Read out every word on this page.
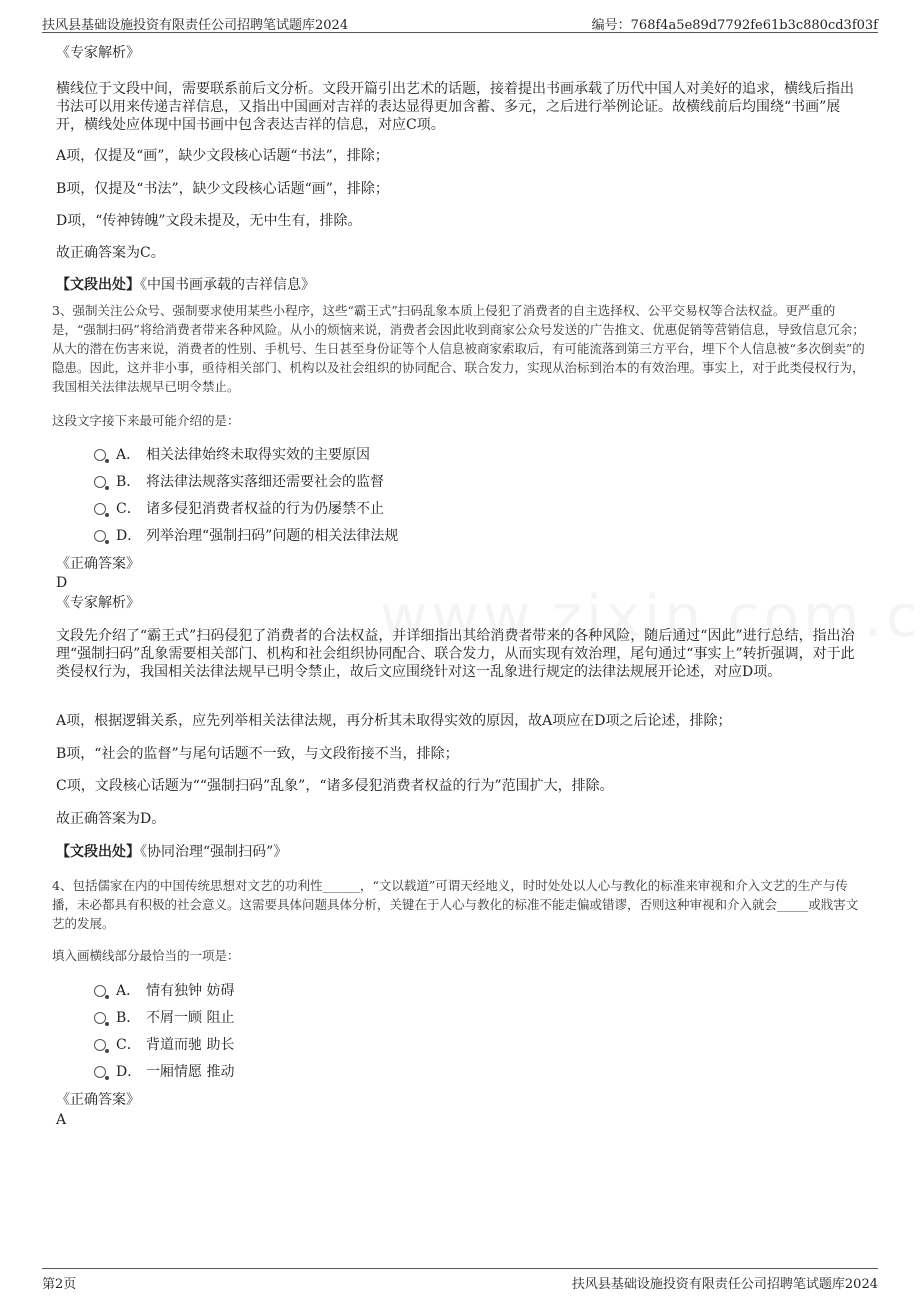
扶风县基础设施投资有限责任公司招聘笔试题库2024	编号：768f4a5e89d7792fe61b3c880cd3f03f
《专家解析》
横线位于文段中间，需要联系前后文分析。文段开篇引出艺术的话题，接着提出书画承载了历代中国人对美好的追求，横线后指出书法可以用来传递吉祥信息，又指出中国画对吉祥的表达显得更加含蓄、多元，之后进行举例论证。故横线前后均围绕“书画”展开，横线处应体现中国书画中包含表达吉祥的信息，对应C项。
A项，仅提及“画”，缺少文段核心话题“书法”，排除；
B项，仅提及“书法”，缺少文段核心话题“画”，排除；
D项，“传神铸魄”文段未提及，无中生有，排除。
故正确答案为C。
【文段出处】《中国书画承载的吉祥信息》
3、强制关注公众号、强制要求使用某些小程序，这些“霸王式”扫码乱象本质上侵犯了消费者的自主选择权、公平交易权等合法权益。更严重的是，“强制扫码”将给消费者带来各种风险。从小的烦恼来说，消费者会因此收到商家公众号发送的广告推文、优惠促销等营销信息，导致信息冗余；从大的潜在伤害来说，消费者的性别、手机号、生日甚至身份证等个人信息被商家索取后，有可能流落到第三方平台，埋下个人信息被“多次倒卖”的隐患。因此，这并非小事，亟待相关部门、机构以及社会组织的协同配合、联合发力，实现从治标到治本的有效治理。事实上，对于此类侵权行为，我国相关法律法规早已明令禁止。
这段文字接下来最可能介绍的是：
A． 相关法律始终未取得实效的主要原因
B． 将法律法规落实落细还需要社会的监督
C． 诸多侵犯消费者权益的行为仍屡禁不止
D． 列举治理“强制扫码”问题的相关法律法规
《正确答案》
D
《专家解析》
文段先介绍了“霸王式”扫码侵犯了消费者的合法权益，并详细指出其给消费者带来的各种风险，随后通过“因此”进行总结，指出治理“强制扫码”乱象需要相关部门、机构和社会组织协同配合、联合发力，从而实现有效治理，尾句通过“事实上”转折强调，对于此类侵权行为，我国相关法律法规早已明令禁止，故后文应围绕针对这一乱象进行规定的法律法规展开论述，对应D项。
A项，根据逻辑关系，应先列举相关法律法规，再分析其未取得实效的原因，故A项应在D项之后论述，排除；
B项，“社会的监督”与尾句话题不一致，与文段衔接不当，排除；
C项，文段核心话题为““强制扫码”乱象”，“诸多侵犯消费者权益的行为”范围扩大，排除。
故正确答案为D。
【文段出处】《协同治理“强制扫码”》
4、包括儒家在内的中国传统思想对文艺的功利性______，“文以载道”可谓天经地义，时时处处以人心与教化的标准来审视和介入文艺的生产与传播，未必都具有积极的社会意义。这需要具体问题具体分析，关键在于人心与教化的标准不能走偏或错谬，否则这种审视和介入就会_____或戕害文艺的发展。
填入画横线部分最恰当的一项是：
A． 情有独钟 妨碍
B． 不屑一顾 阻止
C． 背道而驰 助长
D． 一厢情愿 推动
《正确答案》
A
第2页	扶风县基础设施投资有限责任公司招聘笔试题库2024
